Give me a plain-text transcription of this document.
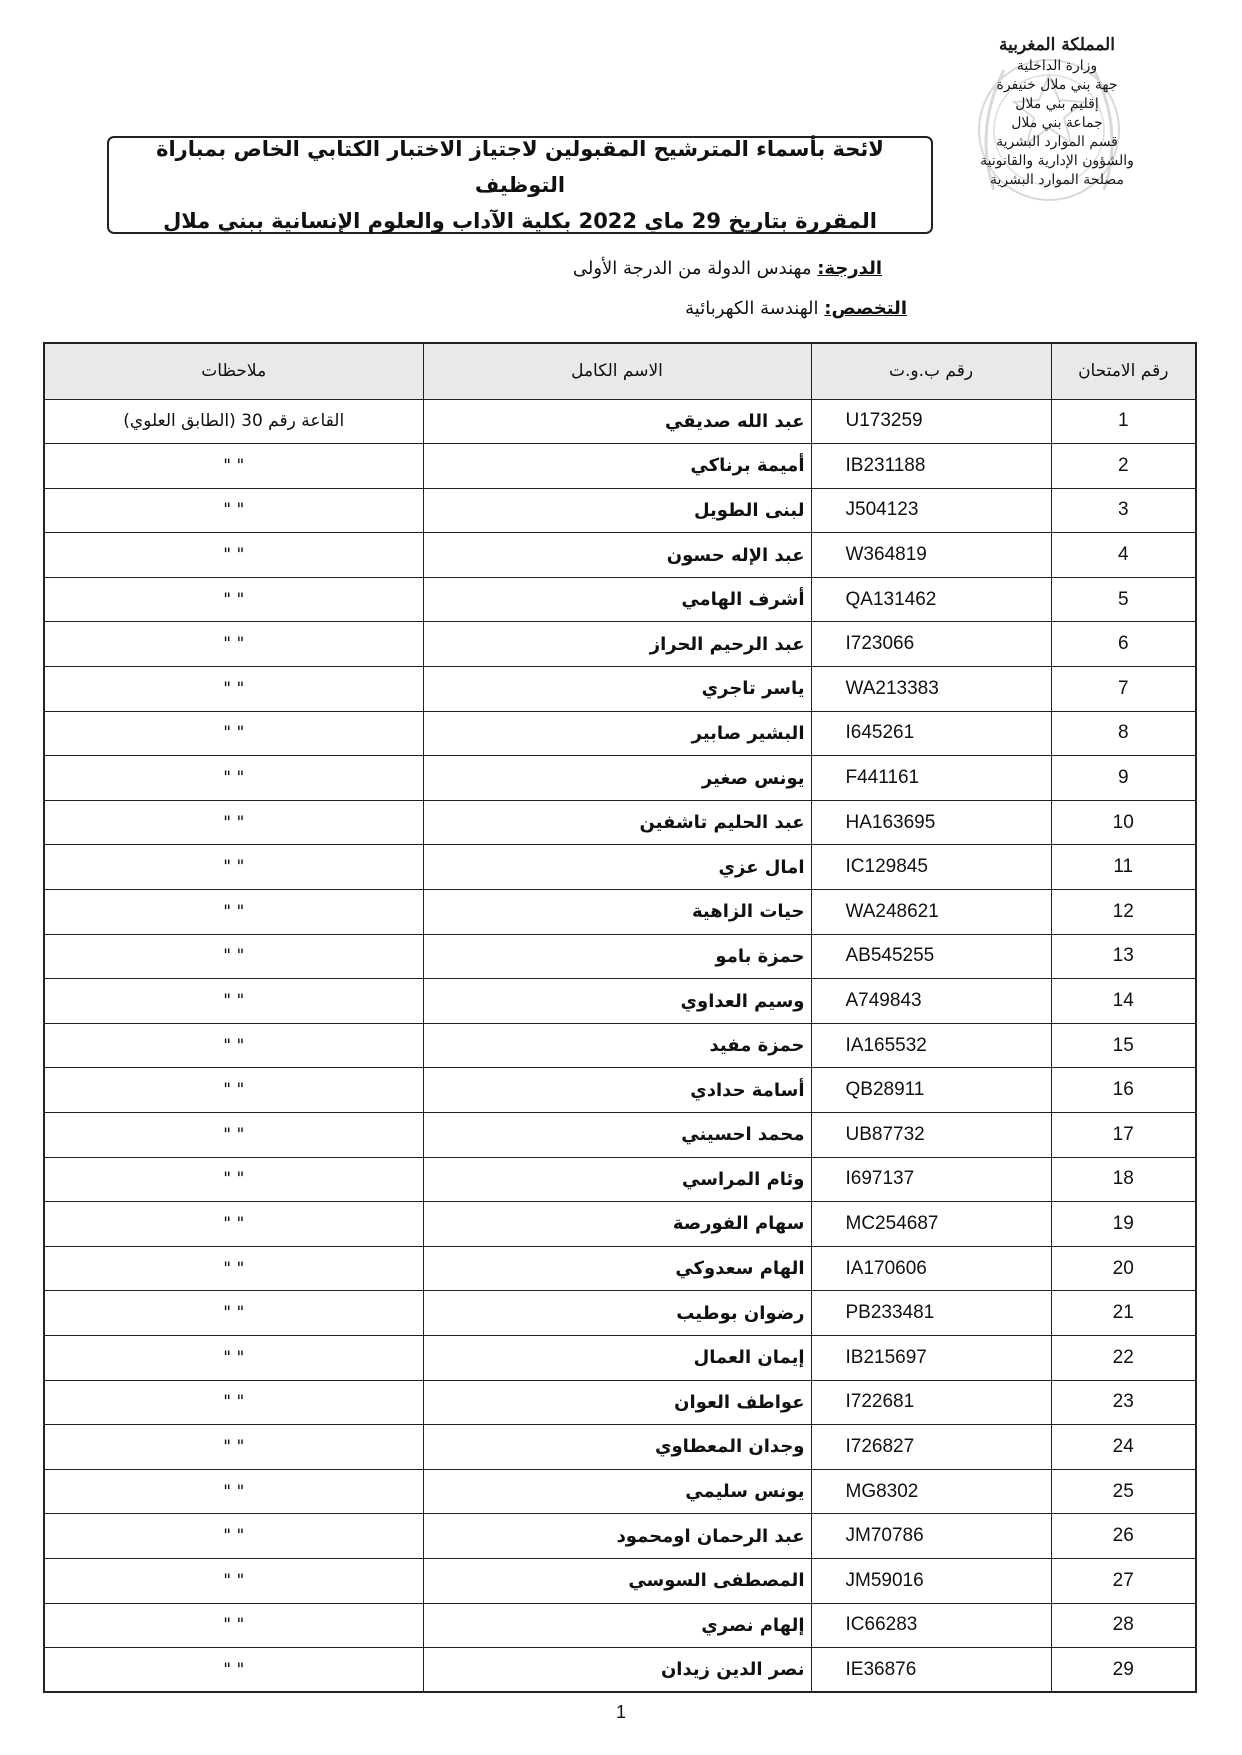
المملكة المغربية
وزارة الداخلية
جهة بني ملال خنيفرة
إقليم بني ملال
جماعة بني ملال
قسم الموارد البشرية
والشؤون الإدارية والقانونية
مصلحة الموارد البشرية
لائحة بأسماء المترشيح المقبولين لاجتياز الاختبار الكتابي الخاص بمباراة التوظيف
المقررة بتاريخ 29 ماي 2022 بكلية الآداب والعلوم الإنسانية ببني ملال
الدرجة: مهندس الدولة من الدرجة الأولى
التخصص: الهندسة الكهربائية
رقم الامتحان	رقم ب.و.ت	الاسم الكامل	ملاحظات
1	U173259	عبد الله صديقي	القاعة رقم 30 (الطابق العلوي)
2	IB231188	أميمة برناكي	" "
3	J504123	لبنى الطويل	" "
4	W364819	عبد الإله حسون	" "
5	QA131462	أشرف الهامي	" "
6	I723066	عبد الرحيم الحراز	" "
7	WA213383	ياسر تاجري	" "
8	I645261	البشير صابير	" "
9	F441161	يونس صغير	" "
10	HA163695	عبد الحليم تاشفين	" "
11	IC129845	امال عزي	" "
12	WA248621	حيات الزاهية	" "
13	AB545255	حمزة بامو	" "
14	A749843	وسيم العداوي	" "
15	IA165532	حمزة مفيد	" "
16	QB28911	أسامة حدادي	" "
17	UB87732	محمد احسيني	" "
18	I697137	وئام المراسي	" "
19	MC254687	سهام الفورصة	" "
20	IA170606	الهام سعدوكي	" "
21	PB233481	رضوان بوطيب	" "
22	IB215697	إيمان العمال	" "
23	I722681	عواطف العوان	" "
24	I726827	وجدان المعطاوي	" "
25	MG8302	يونس سليمي	" "
26	JM70786	عبد الرحمان اومحمود	" "
27	JM59016	المصطفى السوسي	" "
28	IC66283	إلهام نصري	" "
29	IE36876	نصر الدين زيدان	" "
1
